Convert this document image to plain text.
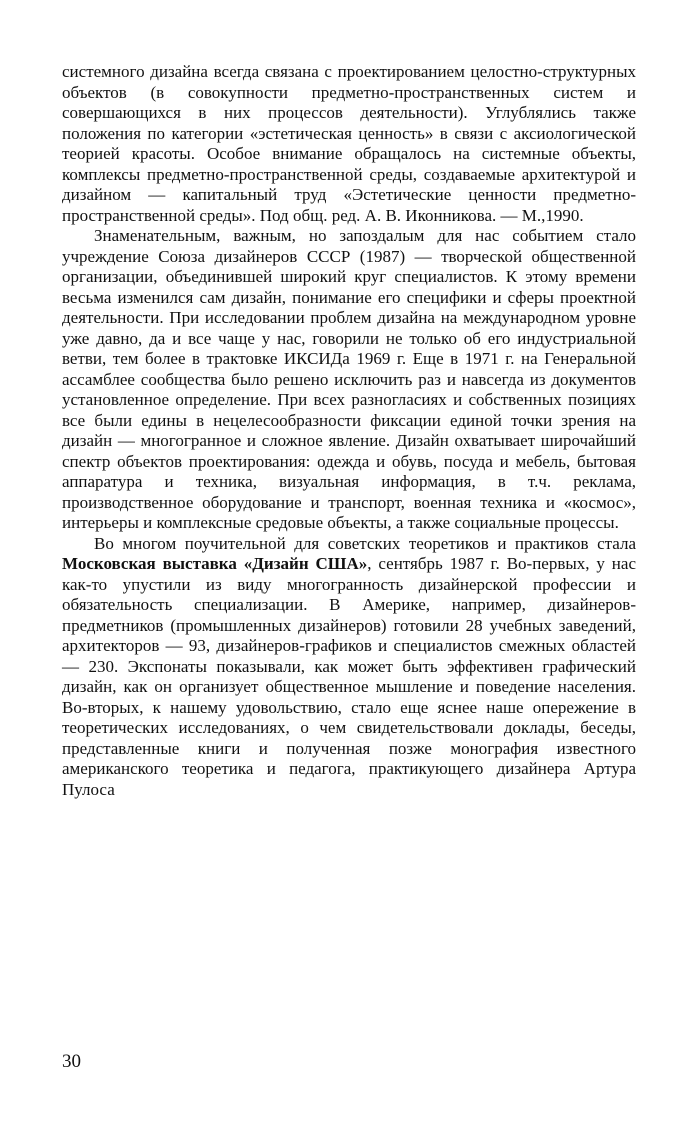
системного дизайна всегда связана с проектированием целостно-структурных объектов (в совокупности предметно-пространственных систем и совершающихся в них процессов деятельности). Углублялись также положения по категории «эстетическая ценность» в связи с аксиологической теорией красоты. Особое внимание обращалось на системные объекты, комплексы предметно-пространственной среды, создаваемые архитектурой и дизайном — капитальный труд «Эстетические ценности предметно-пространственной среды». Под общ. ред. А. В. Иконникова. — М.,1990.

Знаменательным, важным, но запоздалым для нас событием стало учреждение Союза дизайнеров СССР (1987) — творческой общественной организации, объединившей широкий круг специалистов. К этому времени весьма изменился сам дизайн, понимание его специфики и сферы проектной деятельности. При исследовании проблем дизайна на международном уровне уже давно, да и все чаще у нас, говорили не только об его индустриальной ветви, тем более в трактовке ИКСИДа 1969 г. Еще в 1971 г. на Генеральной ассамблее сообщества было решено исключить раз и навсегда из документов установленное определение. При всех разногласиях и собственных позициях все были едины в нецелесообразности фиксации единой точки зрения на дизайн — многогранное и сложное явление. Дизайн охватывает широчайший спектр объектов проектирования: одежда и обувь, посуда и мебель, бытовая аппаратура и техника, визуальная информация, в т.ч. реклама, производственное оборудование и транспорт, военная техника и «космос», интерьеры и комплексные средовые объекты, а также социальные процессы.

Во многом поучительной для советских теоретиков и практиков стала Московская выставка «Дизайн США», сентябрь 1987 г. Во-первых, у нас как-то упустили из виду многогранность дизайнерской профессии и обязательность специализации. В Америке, например, дизайнеров-предметников (промышленных дизайнеров) готовили 28 учебных заведений, архитекторов — 93, дизайнеров-графиков и специалистов смежных областей — 230. Экспонаты показывали, как может быть эффективен графический дизайн, как он организует общественное мышление и поведение населения. Во-вторых, к нашему удовольствию, стало еще яснее наше опережение в теоретических исследованиях, о чем свидетельствовали доклады, беседы, представленные книги и полученная позже монография известного американского теоретика и педагога, практикующего дизайнера Артура Пулоса

30
